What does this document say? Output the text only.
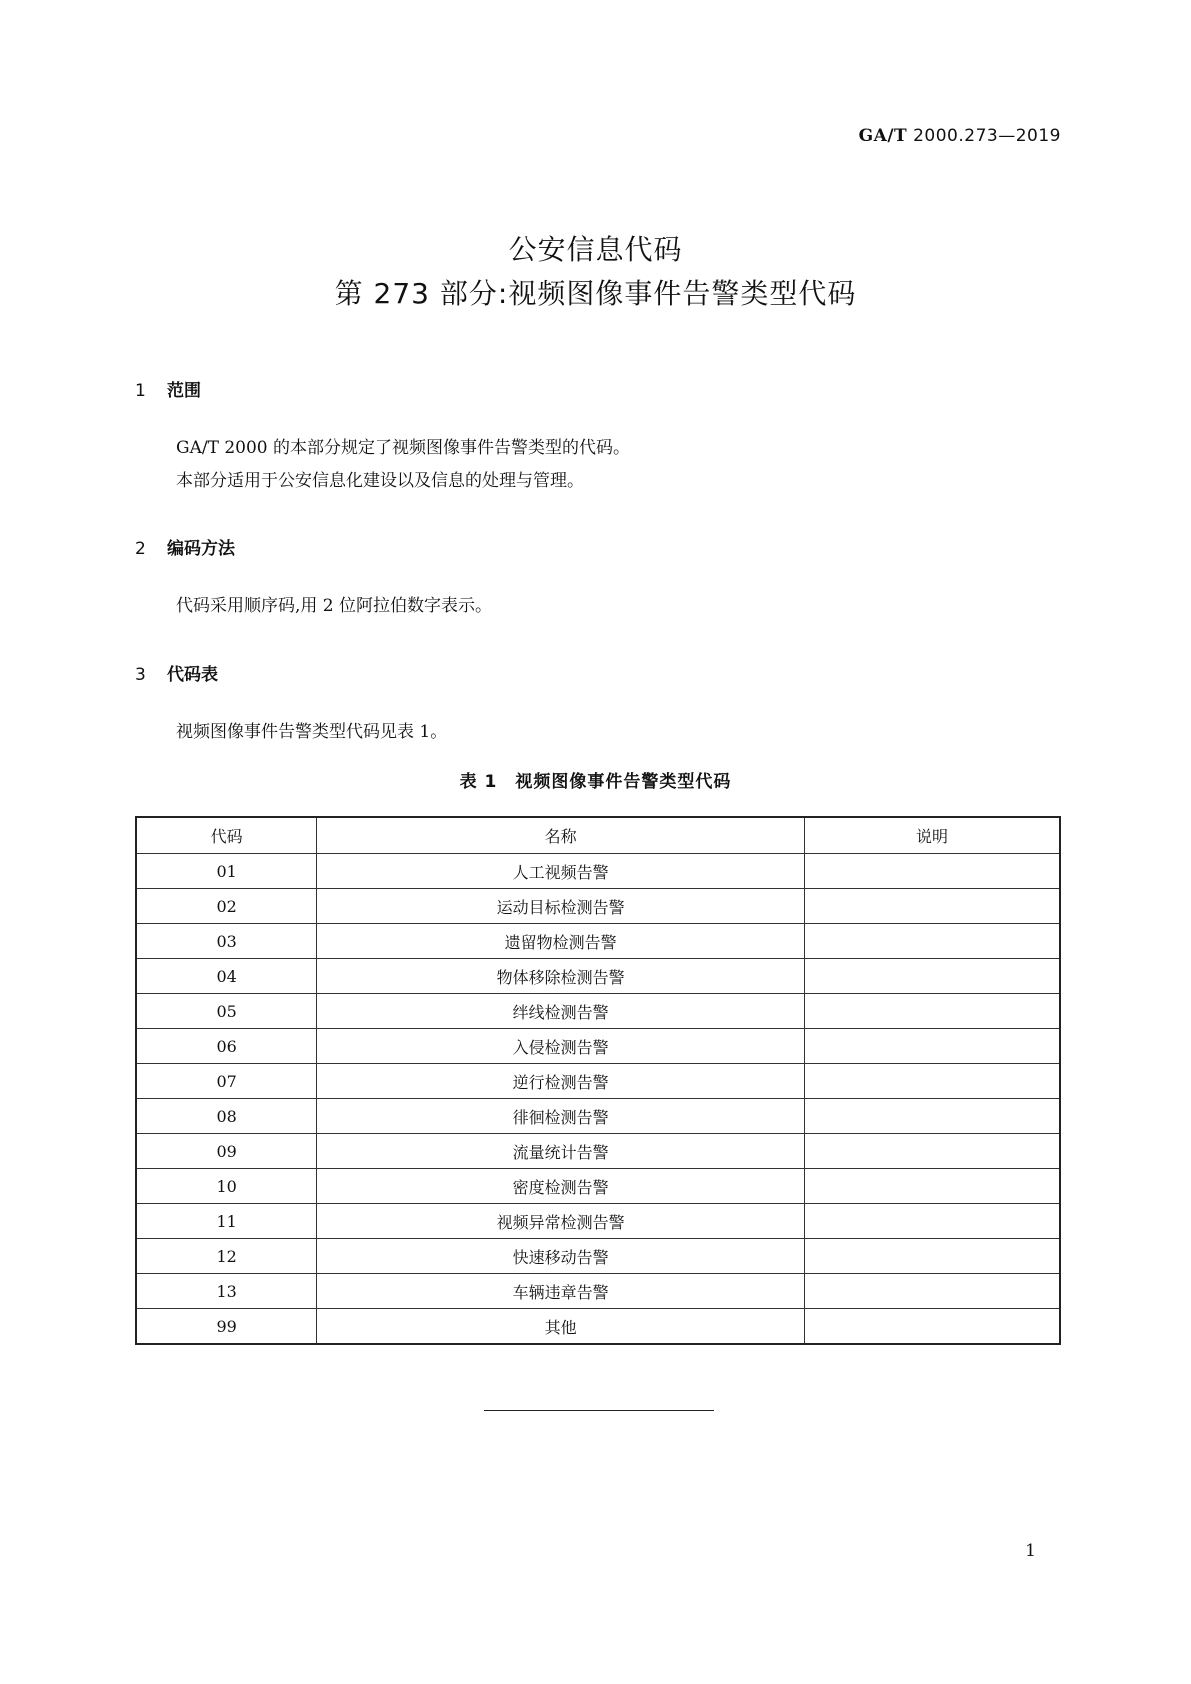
GA/T 2000.273—2019
公安信息代码
第 273 部分:视频图像事件告警类型代码
1 范围
GA/T 2000 的本部分规定了视频图像事件告警类型的代码。
本部分适用于公安信息化建设以及信息的处理与管理。
2 编码方法
代码采用顺序码,用 2 位阿拉伯数字表示。
3 代码表
视频图像事件告警类型代码见表 1。
表 1　视频图像事件告警类型代码
代码	名称	说明
01	人工视频告警	
02	运动目标检测告警	
03	遗留物检测告警	
04	物体移除检测告警	
05	绊线检测告警	
06	入侵检测告警	
07	逆行检测告警	
08	徘徊检测告警	
09	流量统计告警	
10	密度检测告警	
11	视频异常检测告警	
12	快速移动告警	
13	车辆违章告警	
99	其他	
1
